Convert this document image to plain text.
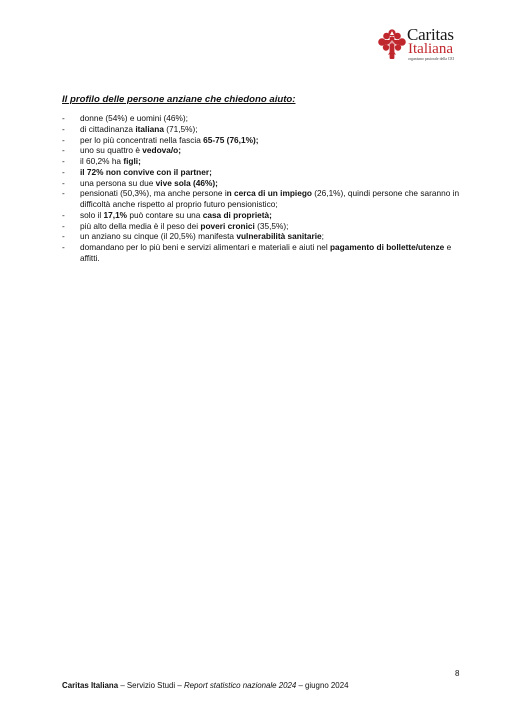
Caritas
Italiana
organismo pastorale della CEI

Il profilo delle persone anziane che chiedono aiuto:

- donne (54%) e uomini (46%);
- di cittadinanza italiana (71,5%);
- per lo più concentrati nella fascia 65-75 (76,1%);
- uno su quattro è vedova/o;
- il 60,2% ha figli;
- il 72% non convive con il partner;
- una persona su due vive sola (46%);
- pensionati (50,3%), ma anche persone in cerca di un impiego (26,1%), quindi persone che saranno in difficoltà anche rispetto al proprio futuro pensionistico;
- solo il 17,1% può contare su una casa di proprietà;
- più alto della media è il peso dei poveri cronici (35,5%);
- un anziano su cinque (il 20,5%) manifesta vulnerabilità sanitarie;
- domandano per lo più beni e servizi alimentari e materiali e aiuti nel pagamento di bollette/utenze e affitti.
8
Caritas Italiana – Servizio Studi – Report statistico nazionale 2024 – giugno 2024
